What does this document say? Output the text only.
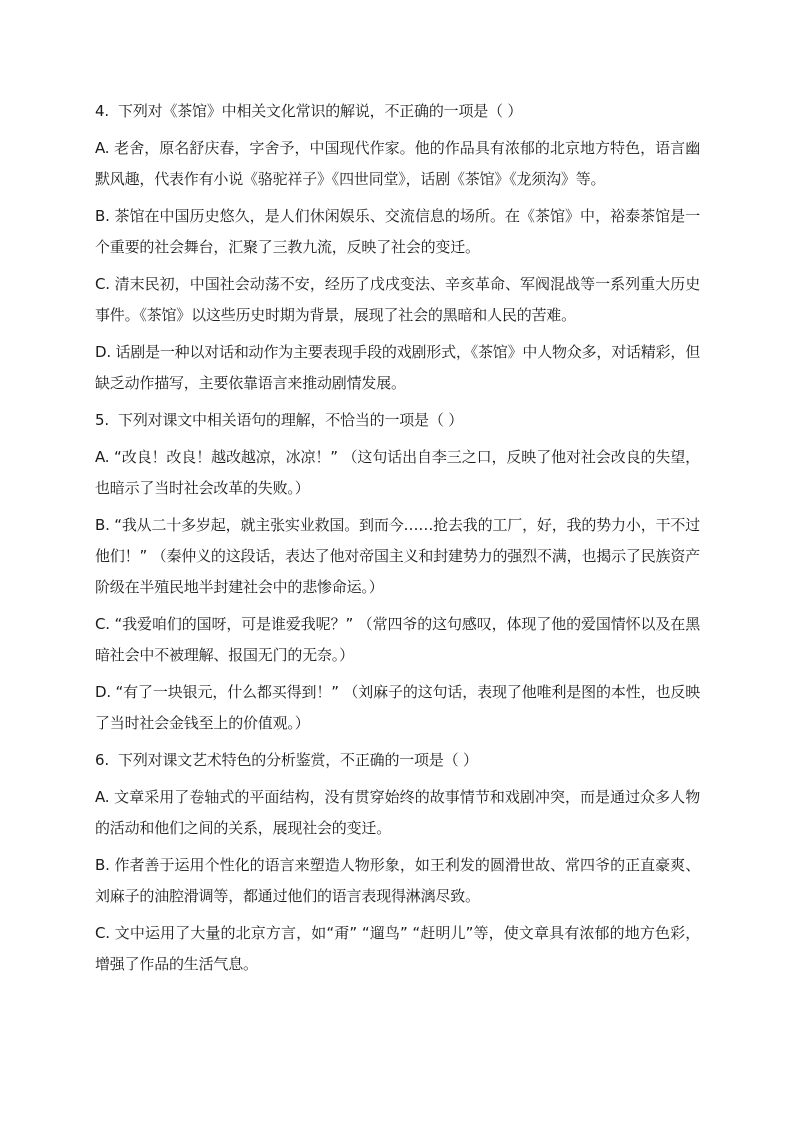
4.  下列对《茶馆》中相关文化常识的解说，不正确的一项是（ ）

A. 老舍，原名舒庆春，字舍予，中国现代作家。他的作品具有浓郁的北京地方特色，语言幽默风趣，代表作有小说《骆驼祥子》《四世同堂》，话剧《茶馆》《龙须沟》等。

B. 茶馆在中国历史悠久，是人们休闲娱乐、交流信息的场所。在《茶馆》中，裕泰茶馆是一个重要的社会舞台，汇聚了三教九流，反映了社会的变迁。

C. 清末民初，中国社会动荡不安，经历了戊戌变法、辛亥革命、军阀混战等一系列重大历史事件。《茶馆》以这些历史时期为背景，展现了社会的黑暗和人民的苦难。

D. 话剧是一种以对话和动作为主要表现手段的戏剧形式，《茶馆》中人物众多，对话精彩，但缺乏动作描写，主要依靠语言来推动剧情发展。

5.  下列对课文中相关语句的理解，不恰当的一项是（ ）

A. “改良！改良！越改越凉，冰凉！” （这句话出自李三之口，反映了他对社会改良的失望，也暗示了当时社会改革的失败。）

B. “我从二十多岁起，就主张实业救国。到而今……抢去我的工厂，好，我的势力小，干不过他们！” （秦仲义的这段话，表达了他对帝国主义和封建势力的强烈不满，也揭示了民族资产阶级在半殖民地半封建社会中的悲惨命运。）

C. “我爱咱们的国呀，可是谁爱我呢？” （常四爷的这句感叹，体现了他的爱国情怀以及在黑暗社会中不被理解、报国无门的无奈。）

D. “有了一块银元，什么都买得到！” （刘麻子的这句话，表现了他唯利是图的本性，也反映了当时社会金钱至上的价值观。）

6.  下列对课文艺术特色的分析鉴赏，不正确的一项是（ ）

A. 文章采用了卷轴式的平面结构，没有贯穿始终的故事情节和戏剧冲突，而是通过众多人物的活动和他们之间的关系，展现社会的变迁。

B. 作者善于运用个性化的语言来塑造人物形象，如王利发的圆滑世故、常四爷的正直豪爽、刘麻子的油腔滑调等，都通过他们的语言表现得淋漓尽致。

C. 文中运用了大量的北京方言，如“甭” “遛鸟” “赶明儿”等，使文章具有浓郁的地方色彩，增强了作品的生活气息。
